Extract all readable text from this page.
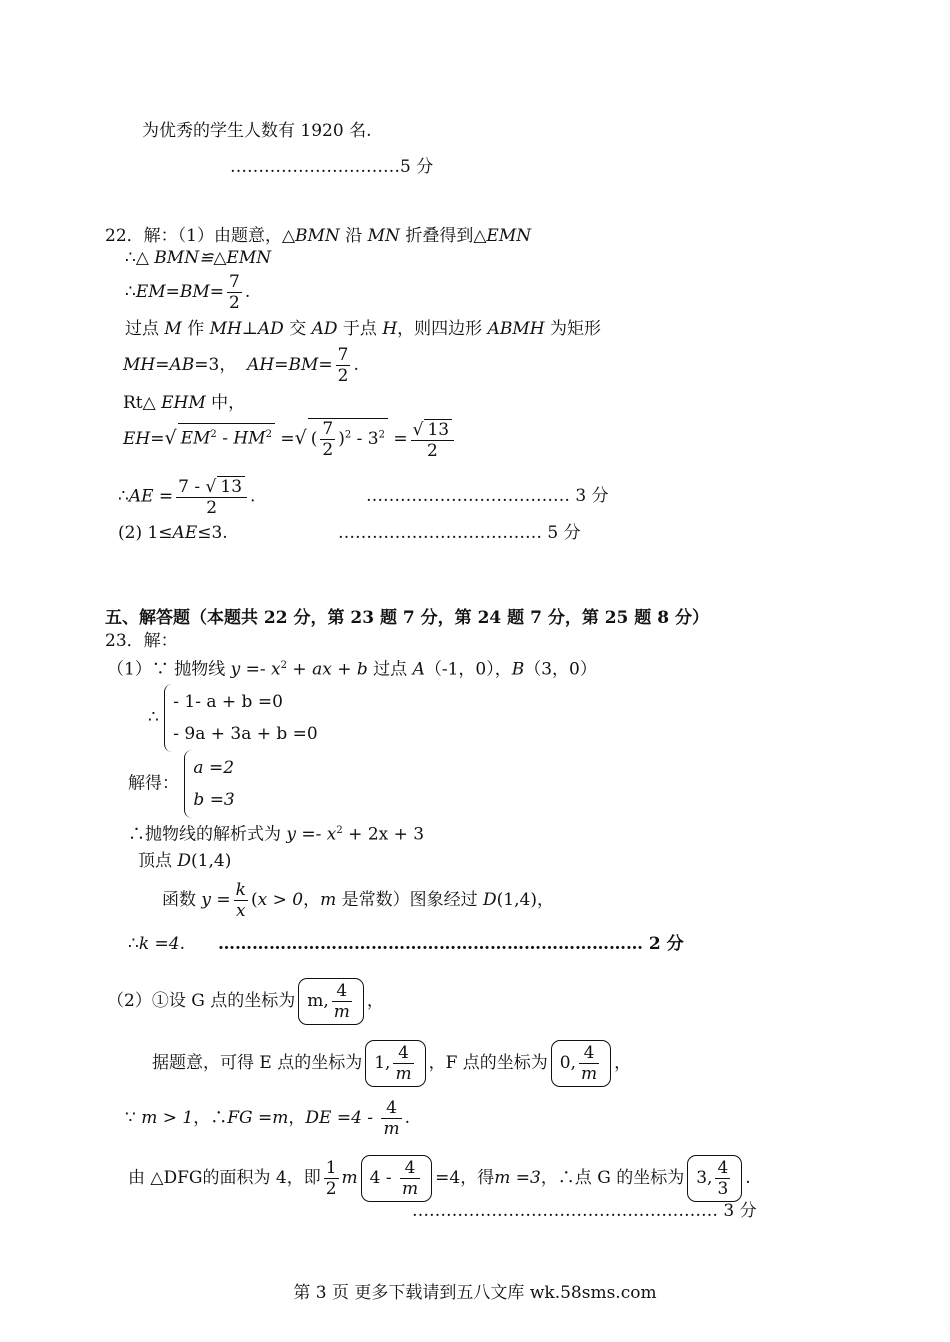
为优秀的学生人数有 1920 名.
…………………………5 分
22．解：（1）由题意，△BMN 沿 MN 折叠得到△EMN
∴△ BMN≌△EMN
∴EM=BM= $\frac{7}{2}$ .
过点 M 作 MH⊥AD 交 AD 于点 H，则四边形 ABMH 为矩形
MH=AB=3， $AH=BM= \frac{7}{2}$ .
Rt△ EHM 中，
EH=√ $EM^2 - HM^2$ =√ ( $\frac{7}{2} )^2 - 3^2 = \frac{√ 13}{2}$
∴AE = $\frac{7 - √ 13}{2}$ .	……………………………… 3 分
(2) 1≤AE≤3.	……………………………… 5 分
五、解答题（本题共 22 分，第 23 题 7 分，第 24 题 7 分，第 25 题 8 分）
23．解：
（1）∵ 抛物线 $y =- x^2$ + ax + b 过点 A（-1，0），B（3，0）
∴
- 1- a + b =0
- 9a + 3a + b =0
解得：
a =2
b =3
∴抛物线的解析式为 $y =- x^2 + 2x + 3$
顶点 D(1,4)
函数 $y = \frac{k}{x} (x > 0$，m 是常数）图象经过 D(1,4)，
∴k =4. ………………………………………………………………… 2 分
（2）①设 G 点的坐标为 m, $\frac{4}{m}$ ，
据题意，可得 E 点的坐标为 1, $\frac{4}{m}$ ，F 点的坐标为 0, $\frac{4}{m}$ ，
∵ m > 1，∴FG =m，DE $=4 - \frac{4}{m}$ .
由 △DFG的面积为 4，即 $\frac{1}{2}$ m $4 - \frac{4}{m} =4$，得m =3，∴点 G 的坐标为 3, $\frac{4}{3}$ .
……………………………………………… 3 分
第 3 页 更多下载请到五八文库 wk.58sms.com
